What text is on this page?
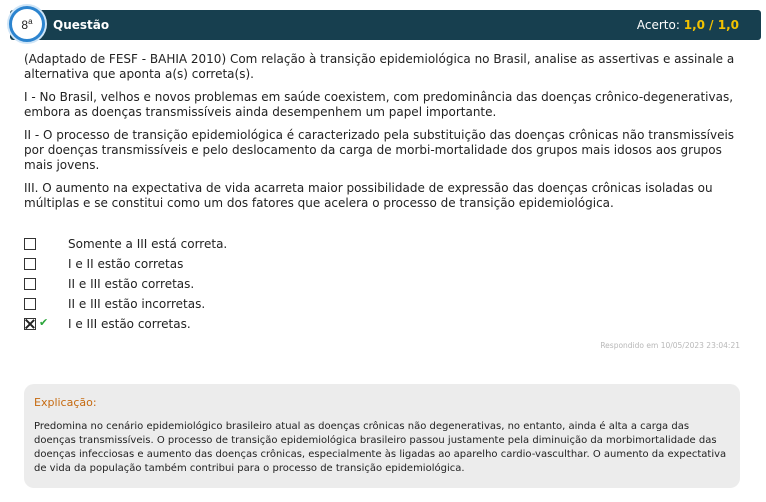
8$^a$ Questão	Acerto: 1,0 / 1,0

(Adaptado de FESF - BAHIA 2010) Com relação à transição epidemiológica no Brasil, analise as assertivas e assinale a alternativa que aponta a(s) correta(s).

I - No Brasil, velhos e novos problemas em saúde coexistem, com predominância das doenças crônico-degenerativas, embora as doenças transmissíveis ainda desempenhem um papel importante.

II - O processo de transição epidemiológica é caracterizado pela substituição das doenças crônicas não transmissíveis por doenças transmissíveis e pelo deslocamento da carga de morbi-mortalidade dos grupos mais idosos aos grupos mais jovens.

III. O aumento na expectativa de vida acarreta maior possibilidade de expressão das doenças crônicas isoladas ou múltiplas e se constitui como um dos fatores que acelera o processo de transição epidemiológica.

Somente a III está correta.
I e II estão corretas
II e III estão corretas.
II e III estão incorretas.
✔ I e III estão corretas.
Respondido em 10/05/2023 23:04:21
Explicação:
Predomina no cenário epidemiológico brasileiro atual as doenças crônicas não degenerativas, no entanto, ainda é alta a carga das doenças transmissíveis. O processo de transição epidemiológica brasileiro passou justamente pela diminuição da morbimortalidade das doenças infecciosas e aumento das doenças crônicas, especialmente às ligadas ao aparelho cardio-vasculthar. O aumento da expectativa de vida da população também contribui para o processo de transição epidemiológica.
